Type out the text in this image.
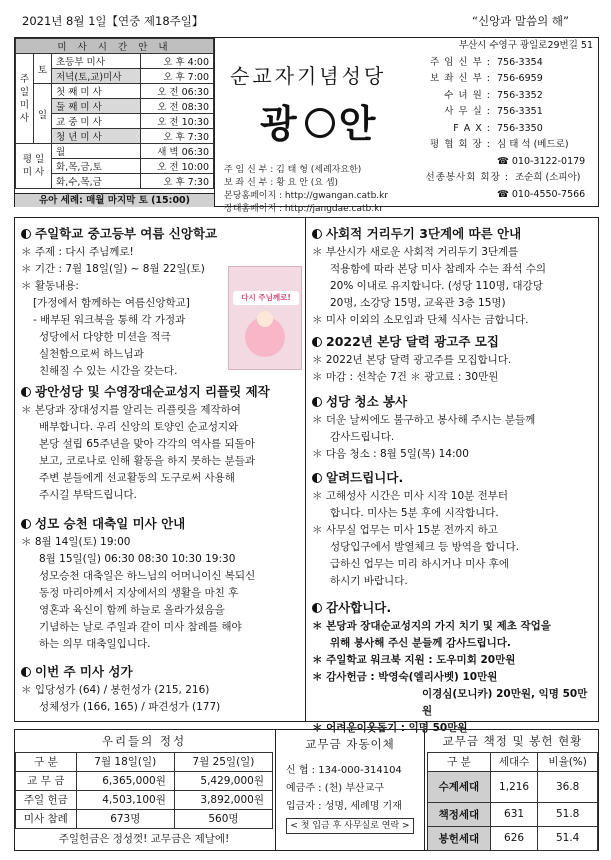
2021년 8월 1일【연중 제18주일】	“신앙과 말씀의 해”
미 사 시 간 안 내			
주
일
미
사	토	초등부 미사	오 후 4:00
		저녁(토,교)미사	오 후 7:00
	일	첫 째 미 사	오 전 06:30
		둘 째 미 사	오 전 08:30
		교 중 미 사	오 전 10:30
		청 년 미 사	오 후 7:30
평 일
미 사		월	새 벽 06:30
		화,목,금,토	오 전 10:00
		화,수,목,금	오 후 7:30
유아 세례: 매월 마지막 토 (15:00)
순교자기념성당
광 안
주 임 신 부 : 김 태 형 (세례자요한)
보 좌 신 부 : 황 요 안 (요 셉)
본당홈페이지 : http://gwangan.catb.kr
장대홈페이지 : http://jangdae.catb.kr
부산시 수영구 광일로29번길 51
주 임 신 부 : 756-3354
보 좌 신 부 : 756-6959
수 녀 원 : 756-3352
사 무 실 : 756-3351
F A X : 756-3350
평 협 회 장 : 심 태 석 (베드로)
☎ 010-3122-0179
선종봉사회 회장 : 조순희 (소피아)
☎ 010-4550-7566
주일학교 중고등부 여름 신앙학교

＊ 주제 : 다시 주님께로!

＊ 기간 : 7월 18일(일) ~ 8월 22일(토)

＊ 활동내용:

[가정에서 함께하는 여름신앙학교]

- 배부된 워크북을 통해 각 가정과

성당에서 다양한 미션을 적극

실천함으로써 하느님과

친해질 수 있는 시간을 갖는다.

다시 주님께로!
광안성당 및 수영장대순교성지 리플릿 제작

＊ 본당과 장대성지를 알리는 리플릿을 제작하여

배부합니다. 우리 신앙의 토양인 순교성지와

본당 설립 65주년을 맞아 각각의 역사를 되돌아

보고, 코로나로 인해 활동을 하지 못하는 분들과

주변 분들에게 선교활동의 도구로써 사용해

주시길 부탁드립니다.

성모 승천 대축일 미사 안내

＊ 8월 14일(토) 19:00

8월 15일(일) 06:30 08:30 10:30 19:30

성모승천 대축일은 하느님의 어머니이신 복되신

동정 마리아께서 지상에서의 생활을 마친 후

영혼과 육신이 함께 하늘로 올라가셨음을

기념하는 날로 주일과 같이 미사 참례를 해야

하는 의무 대축일입니다.

이번 주 미사 성가

＊ 입당성가 (64) / 봉헌성가 (215, 216)

성체성가 (166, 165) / 파견성가 (177)

사회적 거리두기 3단계에 따른 안내

＊ 부산시가 새로운 사회적 거리두기 3단계를

적용함에 따라 본당 미사 참례자 수는 좌석 수의

20% 이내로 유지합니다. (성당 110명, 대강당

20명, 소강당 15명, 교육관 3층 15명)

＊ 미사 이외의 소모임과 단체 식사는 금합니다.

2022년 본당 달력 광고주 모집

＊ 2022년 본당 달력 광고주를 모집합니다.

＊ 마감 : 선착순 7건 ＊ 광고료 : 30만원

성당 청소 봉사

＊ 더운 날씨에도 불구하고 봉사해 주시는 분들께

감사드립니다.

＊ 다음 청소 : 8월 5일(목) 14:00

알려드립니다.

＊ 고해성사 시간은 미사 시작 10분 전부터

합니다. 미사는 5분 후에 시작합니다.

＊ 사무실 업무는 미사 15분 전까지 하고

성당입구에서 발열체크 등 방역을 합니다.

급하신 업무는 미리 하시거나 미사 후에

하시기 바랍니다.

감사합니다.

＊ 본당과 장대순교성지의 가지 치기 및 제초 작업을

위해 봉사해 주신 분들께 감사드립니다.

＊ 주일학교 워크북 지원 : 도우미회 20만원

＊ 감사헌금 : 박영숙(엘리사벳) 10만원

이경심(모니카) 20만원, 익명 50만원

＊ 어려운이웃돕기 : 익명 50만원

우리들의 정성		
구 분	7월 18일(일)	7월 25일(일)
교 무 금	6,365,000원	5,429,000원
주일 헌금	4,503,100원	3,892,000원
미사 참례	673명	560명
주일헌금은 정성껏! 교무금은 제날에!		
교무금 자동이체
신 협 : 134-000-314104
예금주 : (천) 부산교구
입금자 : 성명, 세례명 기재
< 첫 입금 후 사무실로 연락 >
교무금 책정 및 봉헌 현황		
구 분	세대수	비율(%)
수계세대	1,216	36.8
책정세대	631	51.8
봉헌세대	626	51.4
